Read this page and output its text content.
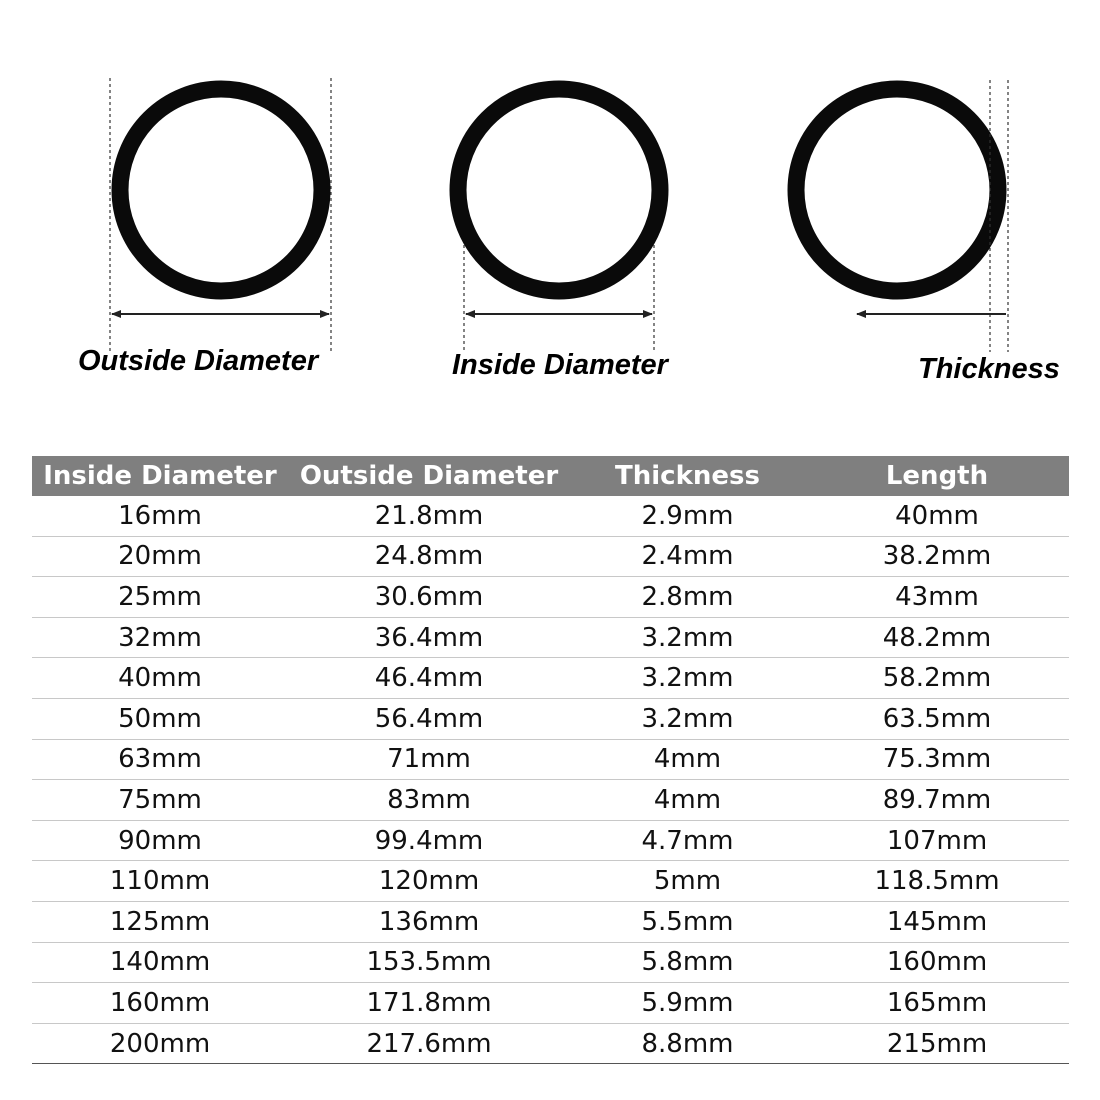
Outside Diameter	Inside Diameter	Thickness
Inside Diameter	Outside Diameter	Thickness	Length
16mm	21.8mm	2.9mm	40mm
20mm	24.8mm	2.4mm	38.2mm
25mm	30.6mm	2.8mm	43mm
32mm	36.4mm	3.2mm	48.2mm
40mm	46.4mm	3.2mm	58.2mm
50mm	56.4mm	3.2mm	63.5mm
63mm	71mm	4mm	75.3mm
75mm	83mm	4mm	89.7mm
90mm	99.4mm	4.7mm	107mm
110mm	120mm	5mm	118.5mm
125mm	136mm	5.5mm	145mm
140mm	153.5mm	5.8mm	160mm
160mm	171.8mm	5.9mm	165mm
200mm	217.6mm	8.8mm	215mm
